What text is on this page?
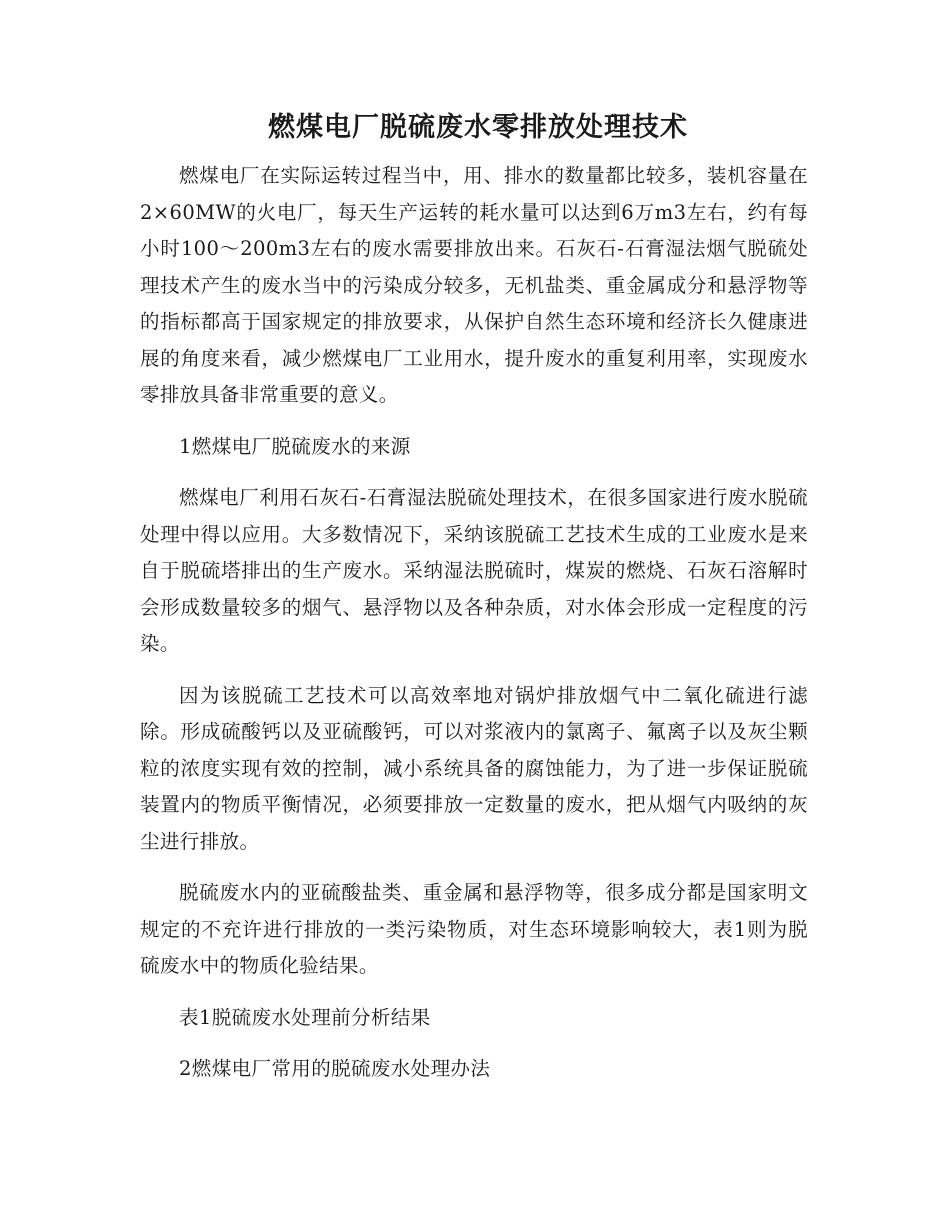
燃煤电厂脱硫废水零排放处理技术

燃煤电厂在实际运转过程当中，用、排水的数量都比较多，装机容量在2×60MW的火电厂，每天生产运转的耗水量可以达到6万m3左右，约有每小时100～200m3左右的废水需要排放出来。石灰石-石膏湿法烟气脱硫处理技术产生的废水当中的污染成分较多，无机盐类、重金属成分和悬浮物等的指标都高于国家规定的排放要求，从保护自然生态环境和经济长久健康进展的角度来看，减少燃煤电厂工业用水，提升废水的重复利用率，实现废水零排放具备非常重要的意义。

1燃煤电厂脱硫废水的来源

燃煤电厂利用石灰石-石膏湿法脱硫处理技术，在很多国家进行废水脱硫处理中得以应用。大多数情况下，采纳该脱硫工艺技术生成的工业废水是来自于脱硫塔排出的生产废水。采纳湿法脱硫时，煤炭的燃烧、石灰石溶解时会形成数量较多的烟气、悬浮物以及各种杂质，对水体会形成一定程度的污染。

因为该脱硫工艺技术可以高效率地对锅炉排放烟气中二氧化硫进行滤除。形成硫酸钙以及亚硫酸钙，可以对浆液内的氯离子、氟离子以及灰尘颗粒的浓度实现有效的控制，减小系统具备的腐蚀能力，为了进一步保证脱硫装置内的物质平衡情况，必须要排放一定数量的废水，把从烟气内吸纳的灰尘进行排放。

脱硫废水内的亚硫酸盐类、重金属和悬浮物等，很多成分都是国家明文规定的不充许进行排放的一类污染物质，对生态环境影响较大，表1则为脱硫废水中的物质化验结果。

表1脱硫废水处理前分析结果

2燃煤电厂常用的脱硫废水处理办法
